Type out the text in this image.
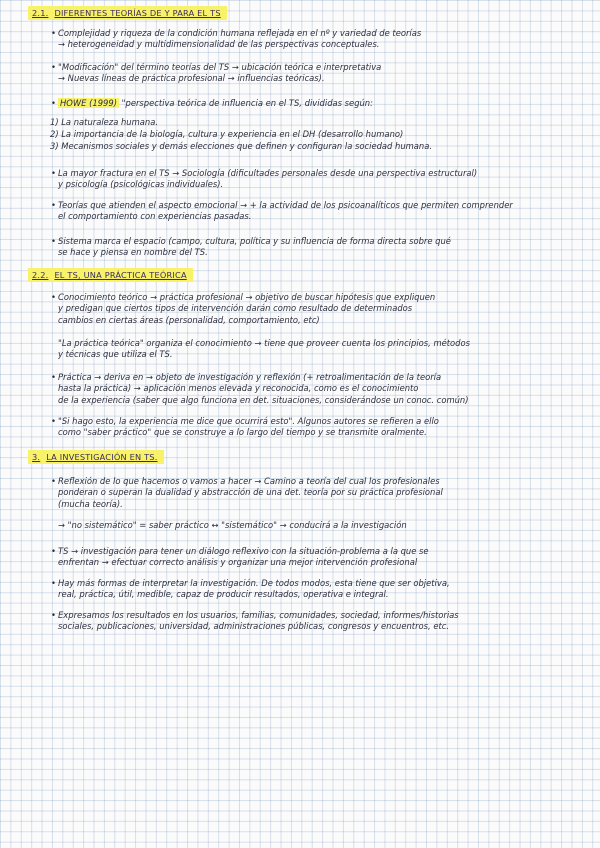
2.1. DIFERENTES TEORÍAS DE Y PARA EL TS
• Complejidad y riqueza de la condición humana reflejada en el nº y variedad de teorías
→ heterogeneidad y multidimensionalidad de las perspectivas conceptuales.
• "Modificación" del término teorías del TS → ubicación teórica e interpretativa
→ Nuevas líneas de práctica profesional → influencias teóricas).
• HOWE (1999) "perspectiva teórica de influencia en el TS, divididas según:
1) La naturaleza humana.
2) La importancia de la biología, cultura y experiencia en el DH (desarrollo humano)
3) Mecanismos sociales y demás elecciones que definen y configuran la sociedad humana.
• La mayor fractura en el TS → Sociología (dificultades personales desde una perspectiva estructural)
y psicología (psicológicas individuales).
• Teorías que atienden el aspecto emocional → + la actividad de los psicoanalíticos que permiten comprender
el comportamiento con experiencias pasadas.
• Sistema marca el espacio (campo, cultura, política y su influencia de forma directa sobre qué
se hace y piensa en nombre del TS.
2.2. EL TS, UNA PRÁCTICA TEÓRICA
• Conocimiento teórico → práctica profesional → objetivo de buscar hipótesis que expliquen
y predigan que ciertos tipos de intervención darán como resultado de determinados
cambios en ciertas áreas (personalidad, comportamiento, etc)
"La práctica teórica" organiza el conocimiento → tiene que proveer cuenta los principios, métodos
y técnicas que utiliza el TS.
• Práctica → deriva en → objeto de investigación y reflexión (+ retroalimentación de la teoría
hasta la práctica) → aplicación menos elevada y reconocida, como es el conocimiento
de la experiencia (saber que algo funciona en det. situaciones, considerándose un conoc. común)
• "Si hago esto, la experiencia me dice que ocurrirá esto". Algunos autores se refieren a ello
como "saber práctico" que se construye a lo largo del tiempo y se transmite oralmente.
3. LA INVESTIGACIÓN EN TS.
• Reflexión de lo que hacemos o vamos a hacer → Camino a teoría del cual los profesionales
ponderan o superan la dualidad y abstracción de una det. teoría por su práctica profesional
(mucha teoría).
→ "no sistemático" = saber práctico ↔ "sistemático" → conducirá a la investigación
• TS → investigación para tener un diálogo reflexivo con la situación-problema a la que se
enfrentan → efectuar correcto análisis y organizar una mejor intervención profesional
• Hay más formas de interpretar la investigación. De todos modos, esta tiene que ser objetiva,
real, práctica, útil, medible, capaz de producir resultados, operativa e integral.
• Expresamos los resultados en los usuarios, familias, comunidades, sociedad, informes/historias
sociales, publicaciones, universidad, administraciones públicas, congresos y encuentros, etc.
